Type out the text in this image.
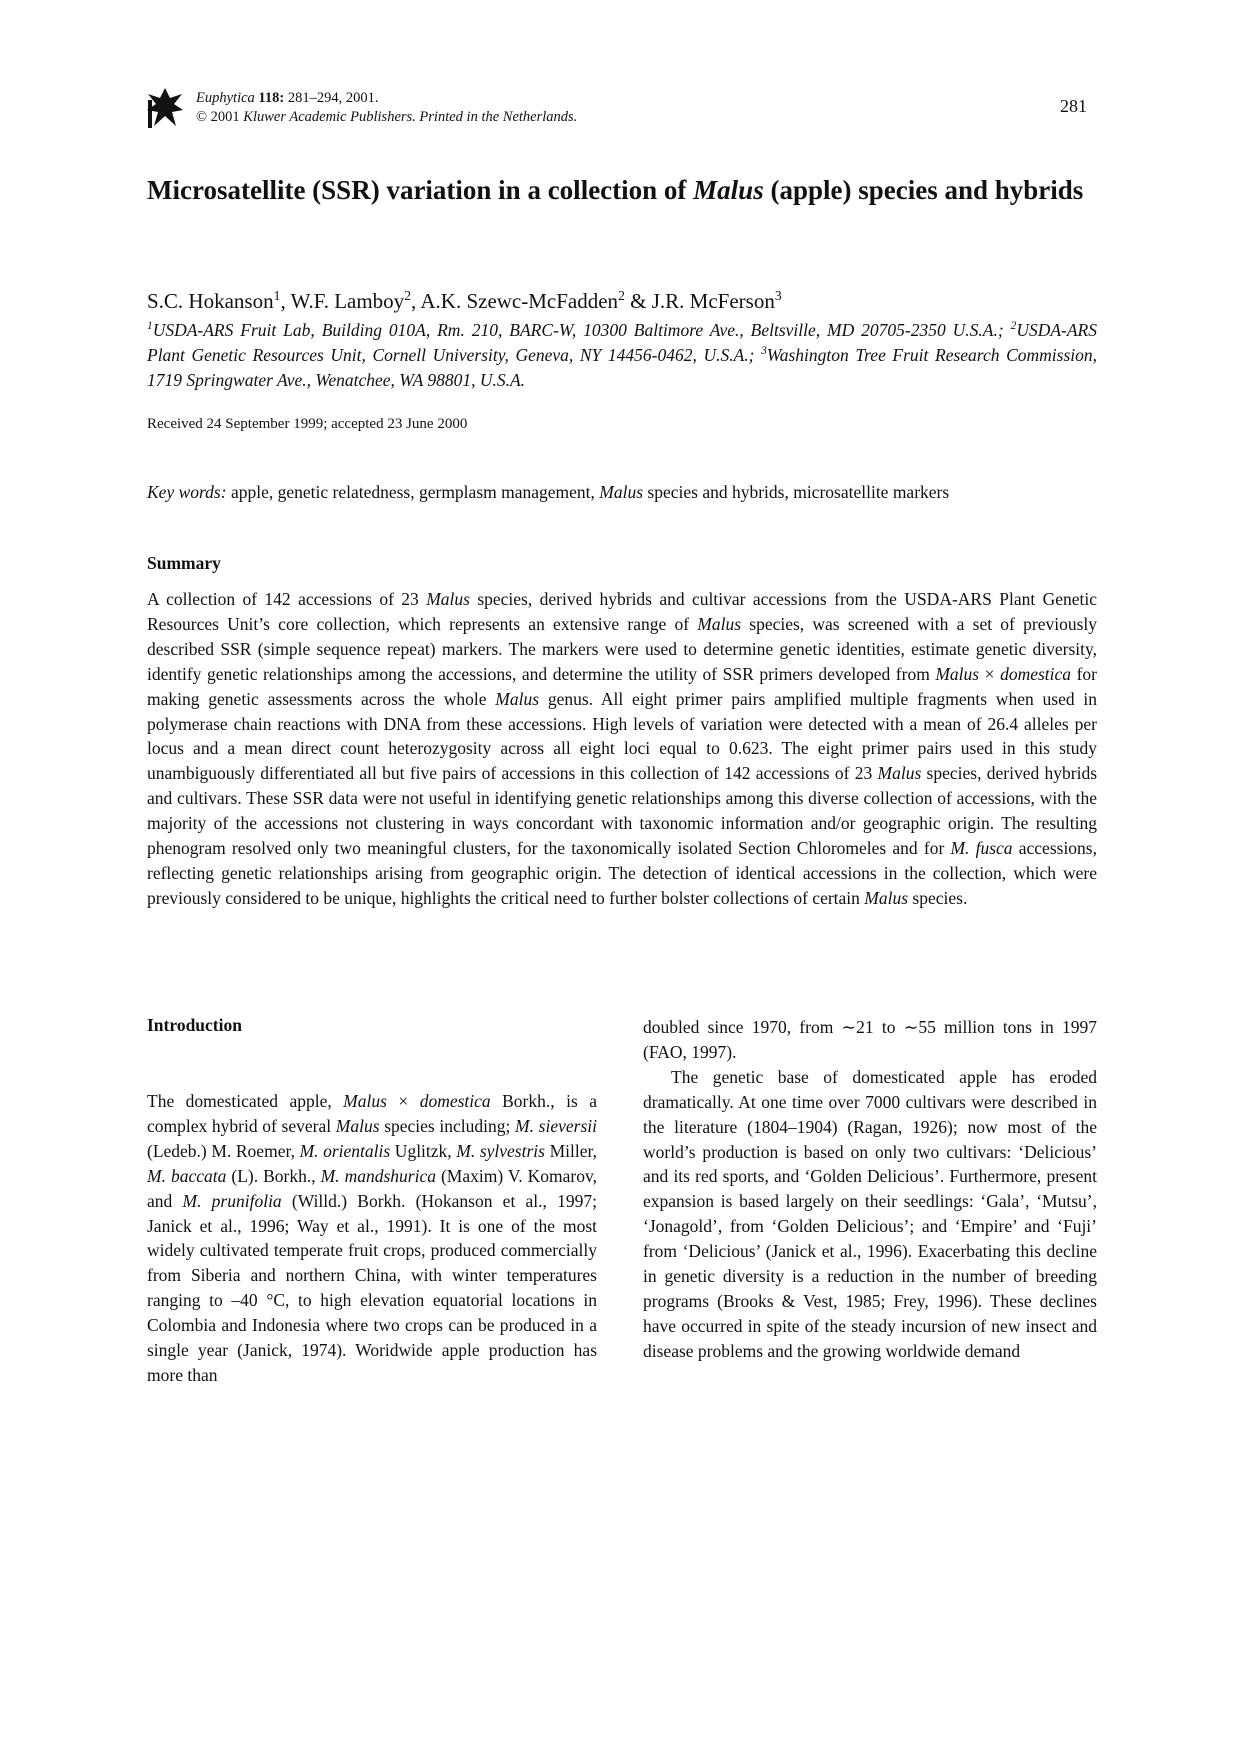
Euphytica 118: 281–294, 2001.
© 2001 Kluwer Academic Publishers. Printed in the Netherlands.
281
Microsatellite (SSR) variation in a collection of Malus (apple) species and hybrids
S.C. Hokanson$^1$, W.F. Lamboy$^2$, A.K. Szewc-McFadden$^2$ & J.R. McFerson$^3$
$^1$USDA-ARS Fruit Lab, Building 010A, Rm. 210, BARC-W, 10300 Baltimore Ave., Beltsville, MD 20705-2350 U.S.A.; $^2$USDA-ARS Plant Genetic Resources Unit, Cornell University, Geneva, NY 14456-0462, U.S.A.; $^3$Washington Tree Fruit Research Commission, 1719 Springwater Ave., Wenatchee, WA 98801, U.S.A.
Received 24 September 1999; accepted 23 June 2000
Key words: apple, genetic relatedness, germplasm management, Malus species and hybrids, microsatellite markers
Summary
A collection of 142 accessions of 23 Malus species, derived hybrids and cultivar accessions from the USDA-ARS Plant Genetic Resources Unit’s core collection, which represents an extensive range of Malus species, was screened with a set of previously described SSR (simple sequence repeat) markers. The markers were used to determine genetic identities, estimate genetic diversity, identify genetic relationships among the accessions, and determine the utility of SSR primers developed from Malus × domestica for making genetic assessments across the whole Malus genus. All eight primer pairs amplified multiple fragments when used in polymerase chain reactions with DNA from these accessions. High levels of variation were detected with a mean of 26.4 alleles per locus and a mean direct count heterozygosity across all eight loci equal to 0.623. The eight primer pairs used in this study unambiguously differentiated all but five pairs of accessions in this collection of 142 accessions of 23 Malus species, derived hybrids and cultivars. These SSR data were not useful in identifying genetic relationships among this diverse collection of accessions, with the majority of the accessions not clustering in ways concordant with taxonomic information and/or geographic origin. The resulting phenogram resolved only two meaningful clusters, for the taxonomically isolated Section Chloromeles and for M. fusca accessions, reflecting genetic relationships arising from geographic origin. The detection of identical accessions in the collection, which were previously considered to be unique, highlights the critical need to further bolster collections of certain Malus species.
Introduction
The domesticated apple, Malus × domestica Borkh., is a complex hybrid of several Malus species including; M. sieversii (Ledeb.) M. Roemer, M. orientalis Uglitzk, M. sylvestris Miller, M. baccata (L). Borkh., M. mandshurica (Maxim) V. Komarov, and M. prunifolia (Willd.) Borkh. (Hokanson et al., 1997; Janick et al., 1996; Way et al., 1991). It is one of the most widely cultivated temperate fruit crops, produced commercially from Siberia and northern China, with winter temperatures ranging to –40 °C, to high elevation equatorial locations in Colombia and Indonesia where two crops can be produced in a single year (Janick, 1974). Woridwide apple production has more than

doubled since 1970, from ∼21 to ∼55 million tons in 1997 (FAO, 1997).

The genetic base of domesticated apple has eroded dramatically. At one time over 7000 cultivars were described in the literature (1804–1904) (Ragan, 1926); now most of the world’s production is based on only two cultivars: ‘Delicious’ and its red sports, and ‘Golden Delicious’. Furthermore, present expansion is based largely on their seedlings: ‘Gala’, ‘Mutsu’, ‘Jonagold’, from ‘Golden Delicious’; and ‘Empire’ and ‘Fuji’ from ‘Delicious’ (Janick et al., 1996). Exacerbating this decline in genetic diversity is a reduction in the number of breeding programs (Brooks & Vest, 1985; Frey, 1996). These declines have occurred in spite of the steady incursion of new insect and disease problems and the growing worldwide demand
